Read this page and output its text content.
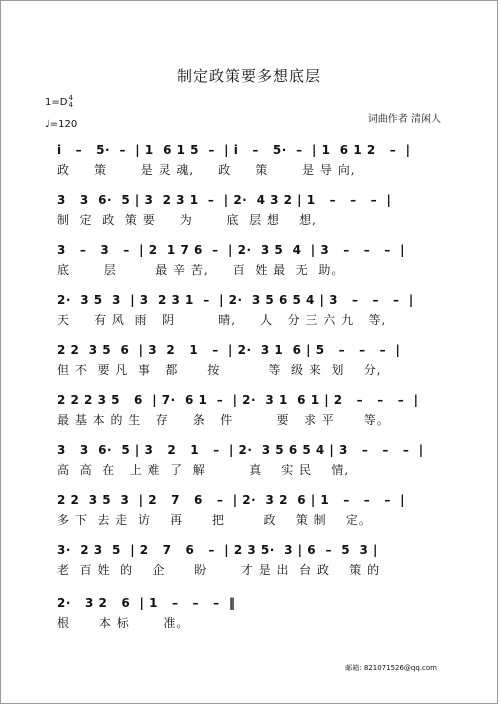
制定政策要多想底层
1=D4
4
♩=120	词曲作者 清闲人
i   –   5·  –  | 1  6 1 5  –  | i   –   5·  –  | 1  6 1 2   –  |
政     策       是 灵 魂,     政     策       是 导 向,
3   3  6·  5 | 3  2 3 1  –  | 2·  4 3 2 | 1   –   –   –  |
制  定  政  策 要     为       底  层 想    想,
3   –   3   –  | 2  1 7 6  –  | 2·  3 5  4  | 3   –   –   –  |
底       层        最 辛 苦,     百  姓 最  无  助。
2·  3 5  3  | 3  2 3 1  –  | 2·  3 5 6 5 4 | 3   –   –   –  |
天     有 风  雨   阴         晴,     人   分 三 六 九   等,
2 2  3 5  6  | 3  2   1   –  | 2·  3 1  6 | 5   –   –   –  |
但 不  要 凡  事   都      按          等  级 来  划    分,
2 2 2 3 5   6  | 7·  6 1  –  | 2·  3 1  6 1 | 2   –   –   –  |
最 基 本 的 生   存     条   件         要   求 平      等。
3   3  6·  5 | 3   2   1   –  | 2·  3 5 6 5 4 | 3   –   –   –  |
高  高  在   上 难  了  解         真    实 民    情,
2 2  3 5  3  | 2   7   6   –  | 2·  3 2  6 | 1   –   –   –  |
多 下  去 走  访    再      把        政    策 制    定。
3·  2 3  5  | 2   7   6   –  | 2 3 5·  3 | 6  –  5  3 |
老  百 姓  的    企      盼       才 是 出  台 政    策 的
2·   3 2   6  | 1   –   –   –  ‖
根      本 标       准。
邮箱: 821071526@qq.com
